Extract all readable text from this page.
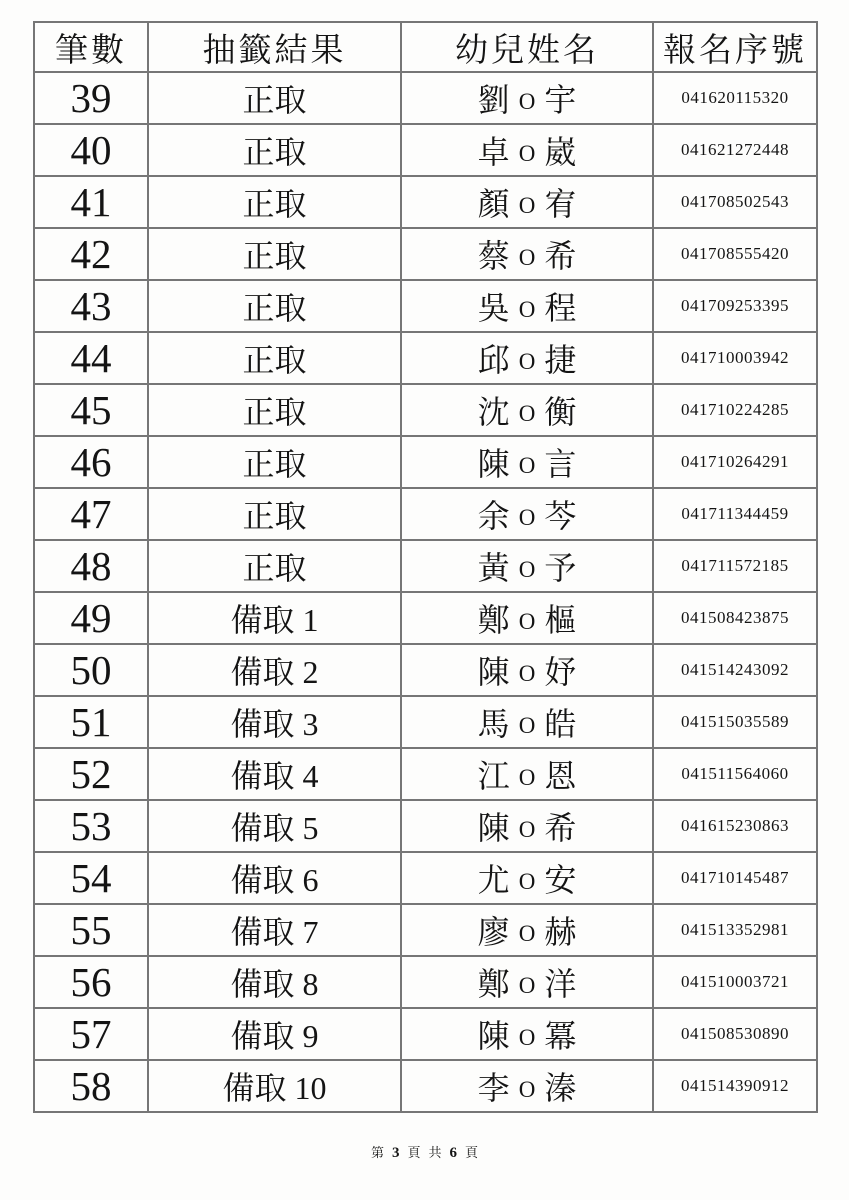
筆數	抽籤結果	幼兒姓名	報名序號
39	正取	劉 O 宇	041620115320
40	正取	卓 O 崴	041621272448
41	正取	顏 O 宥	041708502543
42	正取	蔡 O 希	041708555420
43	正取	吳 O 程	041709253395
44	正取	邱 O 捷	041710003942
45	正取	沈 O 衡	041710224285
46	正取	陳 O 言	041710264291
47	正取	余 O 芩	041711344459
48	正取	黃 O 予	041711572185
49	備取 1	鄭 O 樞	041508423875
50	備取 2	陳 O 妤	041514243092
51	備取 3	馬 O 皓	041515035589
52	備取 4	江 O 恩	041511564060
53	備取 5	陳 O 希	041615230863
54	備取 6	尤 O 安	041710145487
55	備取 7	廖 O 赫	041513352981
56	備取 8	鄭 O 洋	041510003721
57	備取 9	陳 O 冪	041508530890
58	備取 10	李 O 溱	041514390912
第 3 頁 共 6 頁
